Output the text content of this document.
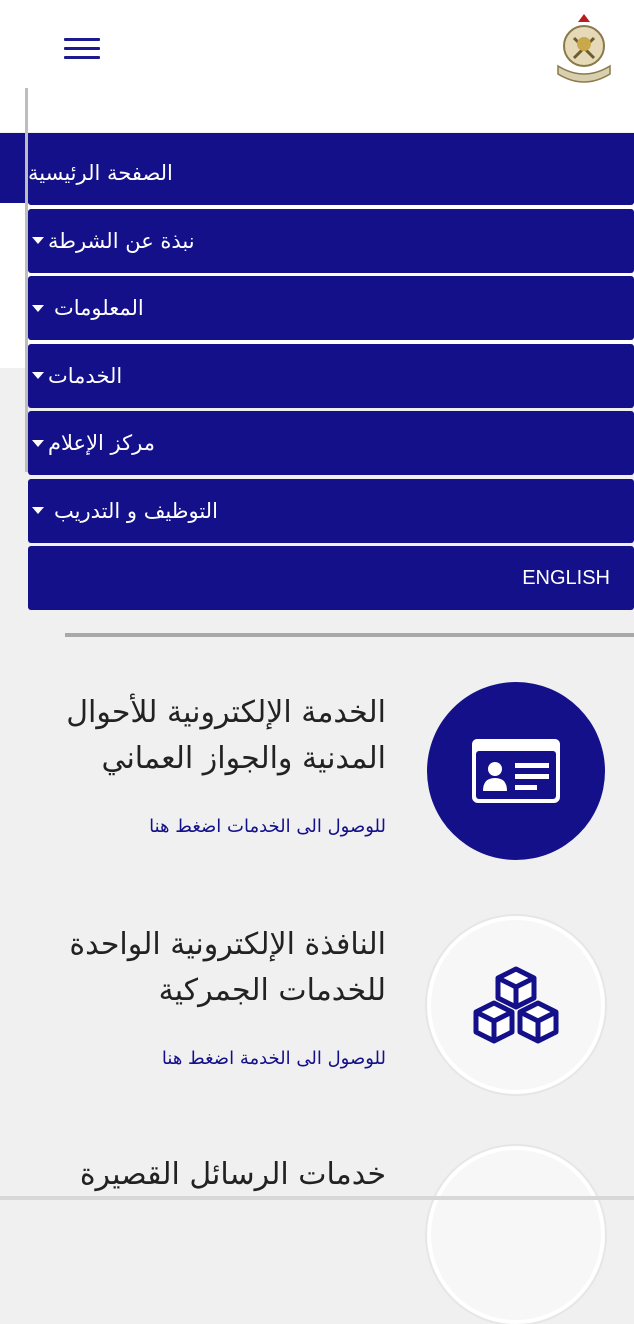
الصفحة الرئيسية
نبذة عن الشرطة
المعلومات
الخدمات
مركز الإعلام
التوظيف و التدريب
ENGLISH
الخدمة الإلكترونية للأحوال
المدنية والجواز العماني
للوصول الى الخدمات اضغط هنا
النافذة الإلكترونية الواحدة
للخدمات الجمركية
للوصول الى الخدمة اضغط هنا
خدمات الرسائل القصيرة
